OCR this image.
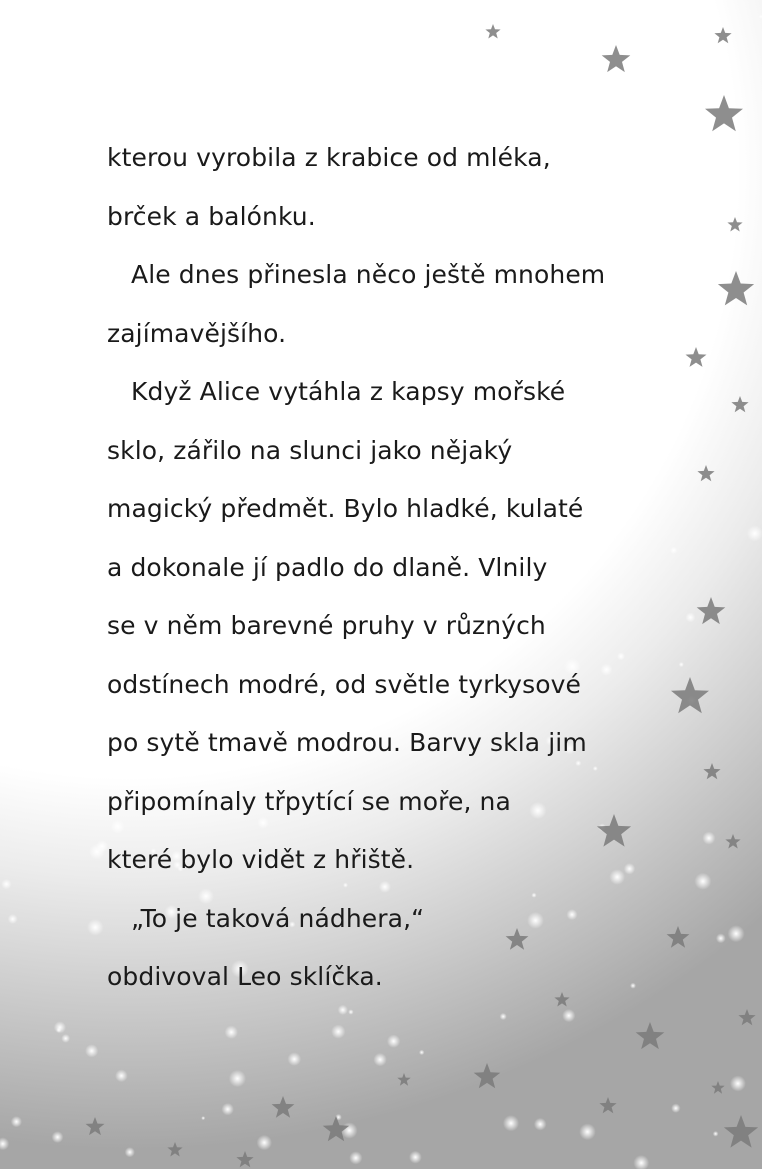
kterou vyrobila z krabice od mléka,
brček a balónku.
Ale dnes přinesla něco ještě mnohem
zajímavějšího.
Když Alice vytáhla z kapsy mořské
sklo, zářilo na slunci jako nějaký
magický předmět. Bylo hladké, kulaté
a dokonale jí padlo do dlaně. Vlnily
se v něm barevné pruhy v různých
odstínech modré, od světle tyrkysové
po sytě tmavě modrou. Barvy skla jim
připomínaly třpytící se moře, na
které bylo vidět z hřiště.
„To je taková nádhera,“
obdivoval Leo sklíčka.
